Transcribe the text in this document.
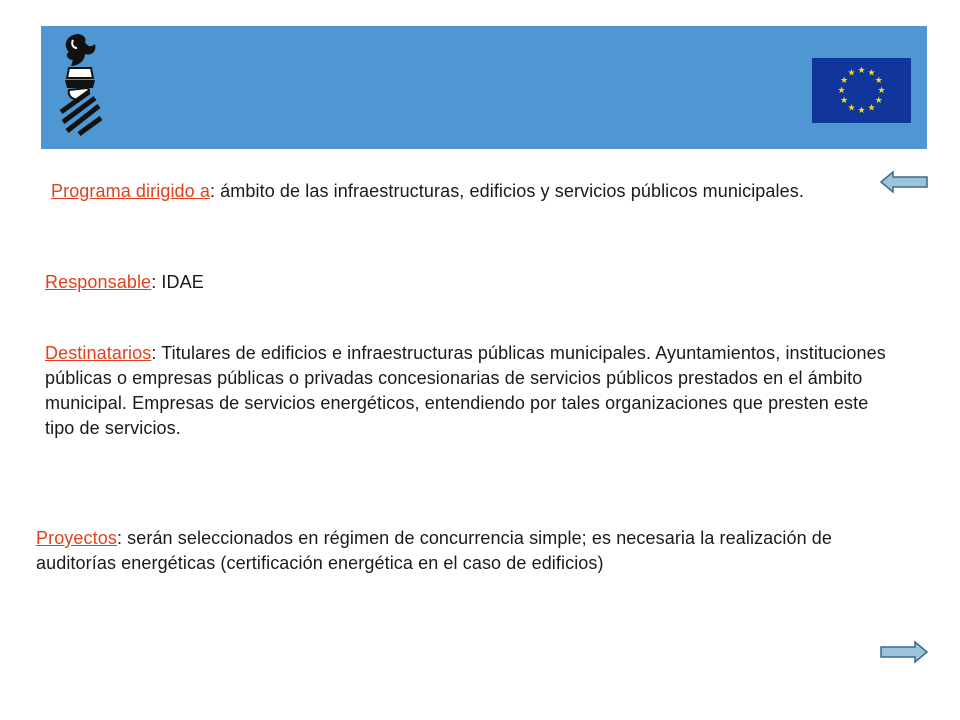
★ ★
★
★
★
★
★
★
★
★
★
★
Programa dirigido a: ámbito de las infraestructuras, edificios y servicios públicos municipales.
Responsable: IDAE
Destinatarios: Titulares de edificios e infraestructuras públicas municipales. Ayuntamientos, instituciones públicas o empresas públicas o privadas concesionarias de servicios públicos prestados en el ámbito municipal. Empresas de servicios energéticos, entendiendo por tales organizaciones que presten este tipo de servicios.
Proyectos: serán seleccionados en régimen de concurrencia simple; es necesaria la realización de auditorías energéticas (certificación energética en el caso de edificios)
